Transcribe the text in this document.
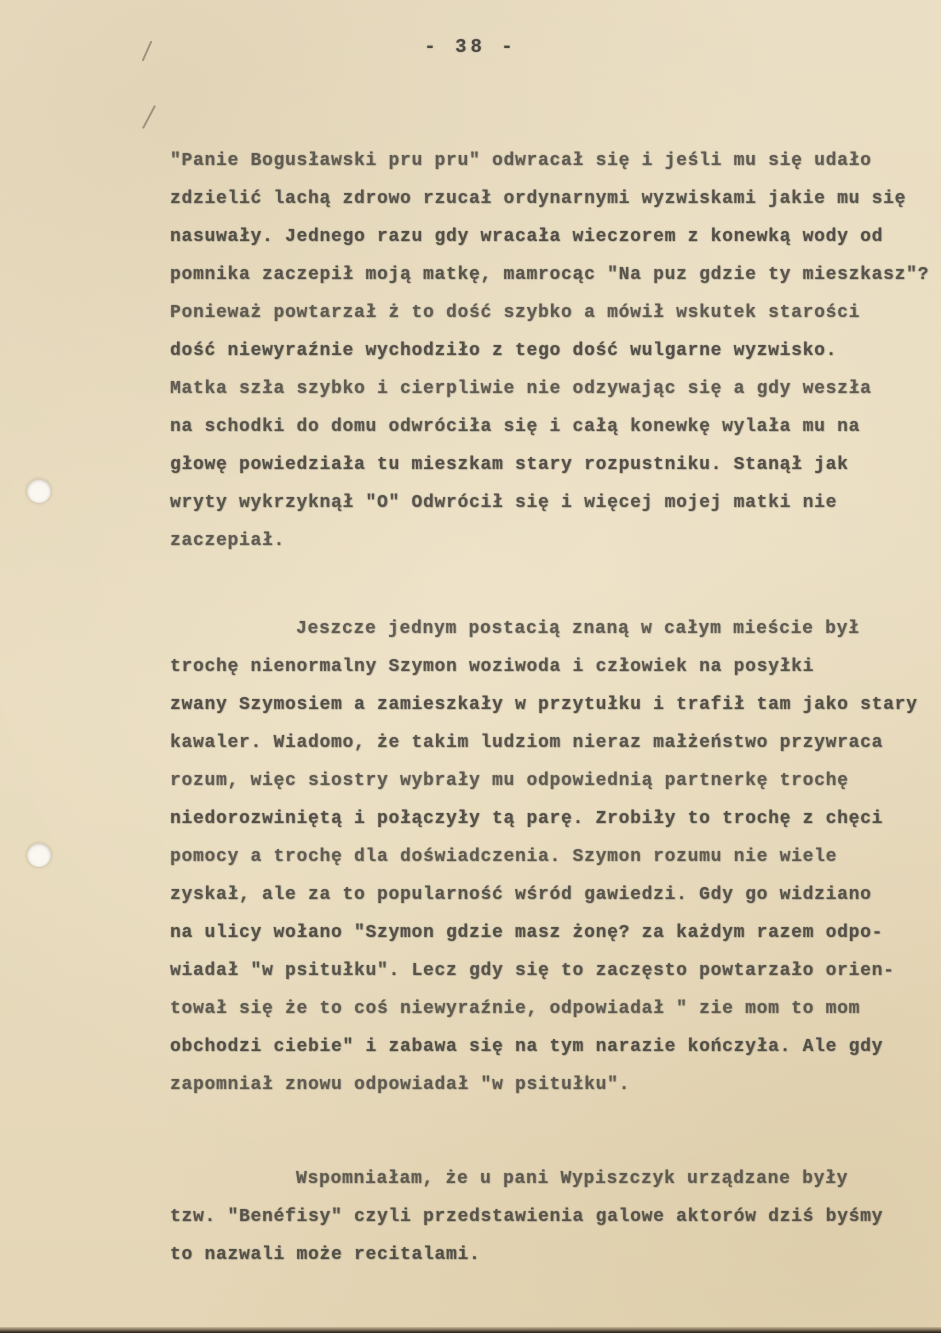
- 38 -
"Panie Bogusławski pru pru" odwracał się i jeśli mu się udało
zdzielić lachą zdrowo rzucał ordynarnymi wyzwiskami jakie mu się
nasuwały. Jednego razu gdy wracała wieczorem z konewką wody od
pomnika zaczepił moją matkę, mamrocąc "Na puz gdzie ty mieszkasz"?
Ponieważ powtarzał ż to dość szybko a mówił wskutek starości
dość niewyraźnie wychodziło z tego dość wulgarne wyzwisko.
Matka szła szybko i cierpliwie nie odzywając się a gdy weszła
na schodki do domu odwróciła się i całą konewkę wylała mu na
głowę powiedziała tu mieszkam stary rozpustniku. Stanął jak
wryty wykrzyknął "O" Odwrócił się i więcej mojej matki nie
zaczepiał.
Jeszcze jednym postacią znaną w całym mieście był
trochę nienormalny Szymon woziwoda i człowiek na posyłki
zwany Szymosiem a zamieszkały w przytułku i trafił tam jako stary
kawaler. Wiadomo, że takim ludziom nieraz małżeństwo przywraca
rozum, więc siostry wybrały mu odpowiednią partnerkę trochę
niedorozwiniętą i połączyły tą parę. Zrobiły to trochę z chęci
pomocy a trochę dla doświadczenia. Szymon rozumu nie wiele
zyskał, ale za to popularność wśród gawiedzi. Gdy go widziano
na ulicy wołano "Szymon gdzie masz żonę? za każdym razem odpo-
wiadał "w psitułku". Lecz gdy się to zaczęsto powtarzało orien-
tował się że to coś niewyraźnie, odpowiadał " zie mom to mom
obchodzi ciebie" i zabawa się na tym narazie kończyła. Ale gdy
zapomniał znowu odpowiadał "w psitułku".
Wspomniałam, że u pani Wypiszczyk urządzane były
tzw. "Benéfisy" czyli przedstawienia galowe aktorów dziś byśmy
to nazwali może recitalami.
